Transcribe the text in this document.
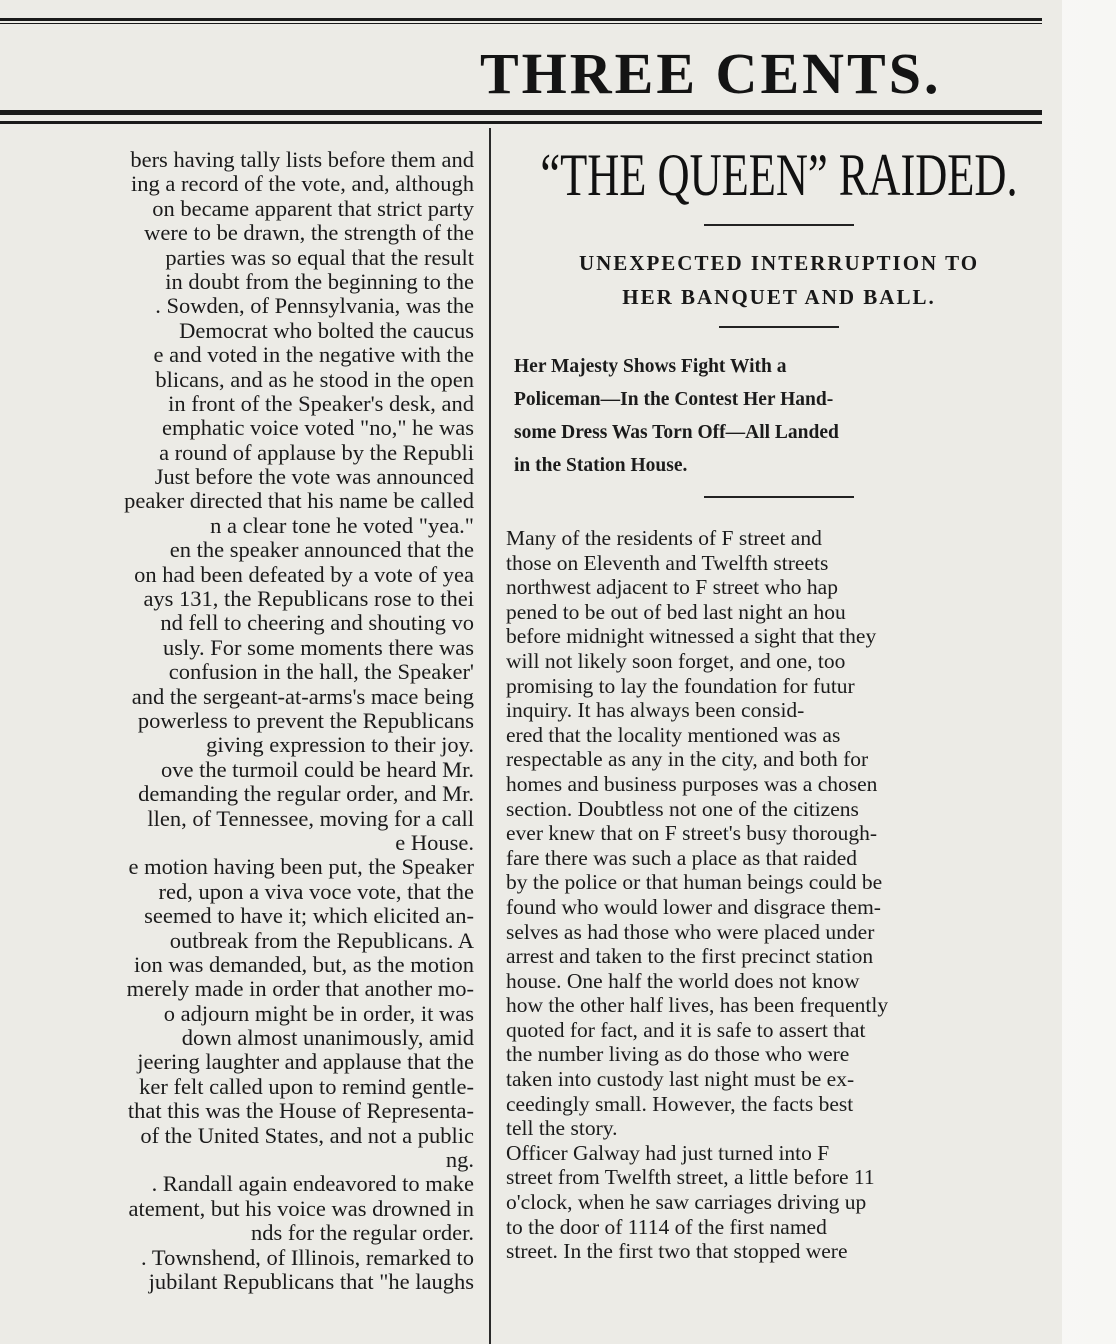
THREE CENTS.
bers having tally lists before them and
ing a record of the vote, and, although
on became apparent that strict party
were to be drawn, the strength of the
parties was so equal that the result
in doubt from the beginning to the
. Sowden, of Pennsylvania, was the
Democrat who bolted the caucus
e and voted in the negative with the
blicans, and as he stood in the open
in front of the Speaker's desk, and
emphatic voice voted "no," he was
a round of applause by the Republi
Just before the vote was announced
peaker directed that his name be called
n a clear tone he voted "yea."
en the speaker announced that the
on had been defeated by a vote of yea
ays 131, the Republicans rose to thei
nd fell to cheering and shouting vo
usly. For some moments there was
confusion in the hall, the Speaker'
and the sergeant-at-arms's mace being
powerless to prevent the Republicans
giving expression to their joy.
ove the turmoil could be heard Mr.
demanding the regular order, and Mr.
llen, of Tennessee, moving for a call
e House.
e motion having been put, the Speaker
red, upon a viva voce vote, that the
seemed to have it; which elicited an-
outbreak from the Republicans. A
ion was demanded, but, as the motion
merely made in order that another mo-
o adjourn might be in order, it was
down almost unanimously, amid
jeering laughter and applause that the
ker felt called upon to remind gentle-
that this was the House of Representa-
of the United States, and not a public
ng.
. Randall again endeavored to make
atement, but his voice was drowned in
nds for the regular order.
. Townshend, of Illinois, remarked to
jubilant Republicans that "he laughs
“THE QUEEN” RAIDED.
UNEXPECTED INTERRUPTION TO
HER BANQUET AND BALL.
Her Majesty Shows Fight With a
Policeman—In the Contest Her Hand-
some Dress Was Torn Off—All Landed
in the Station House.
Many of the residents of F street and
those on Eleventh and Twelfth streets
northwest adjacent to F street who hap
pened to be out of bed last night an hou
before midnight witnessed a sight that they
will not likely soon forget, and one, too
promising to lay the foundation for futur
inquiry. It has always been consid-
ered that the locality mentioned was as
respectable as any in the city, and both for
homes and business purposes was a chosen
section. Doubtless not one of the citizens
ever knew that on F street's busy thorough-
fare there was such a place as that raided
by the police or that human beings could be
found who would lower and disgrace them-
selves as had those who were placed under
arrest and taken to the first precinct station
house. One half the world does not know
how the other half lives, has been frequently
quoted for fact, and it is safe to assert that
the number living as do those who were
taken into custody last night must be ex-
ceedingly small. However, the facts best
tell the story.
Officer Galway had just turned into F
street from Twelfth street, a little before 11
o'clock, when he saw carriages driving up
to the door of 1114 of the first named
street. In the first two that stopped were
